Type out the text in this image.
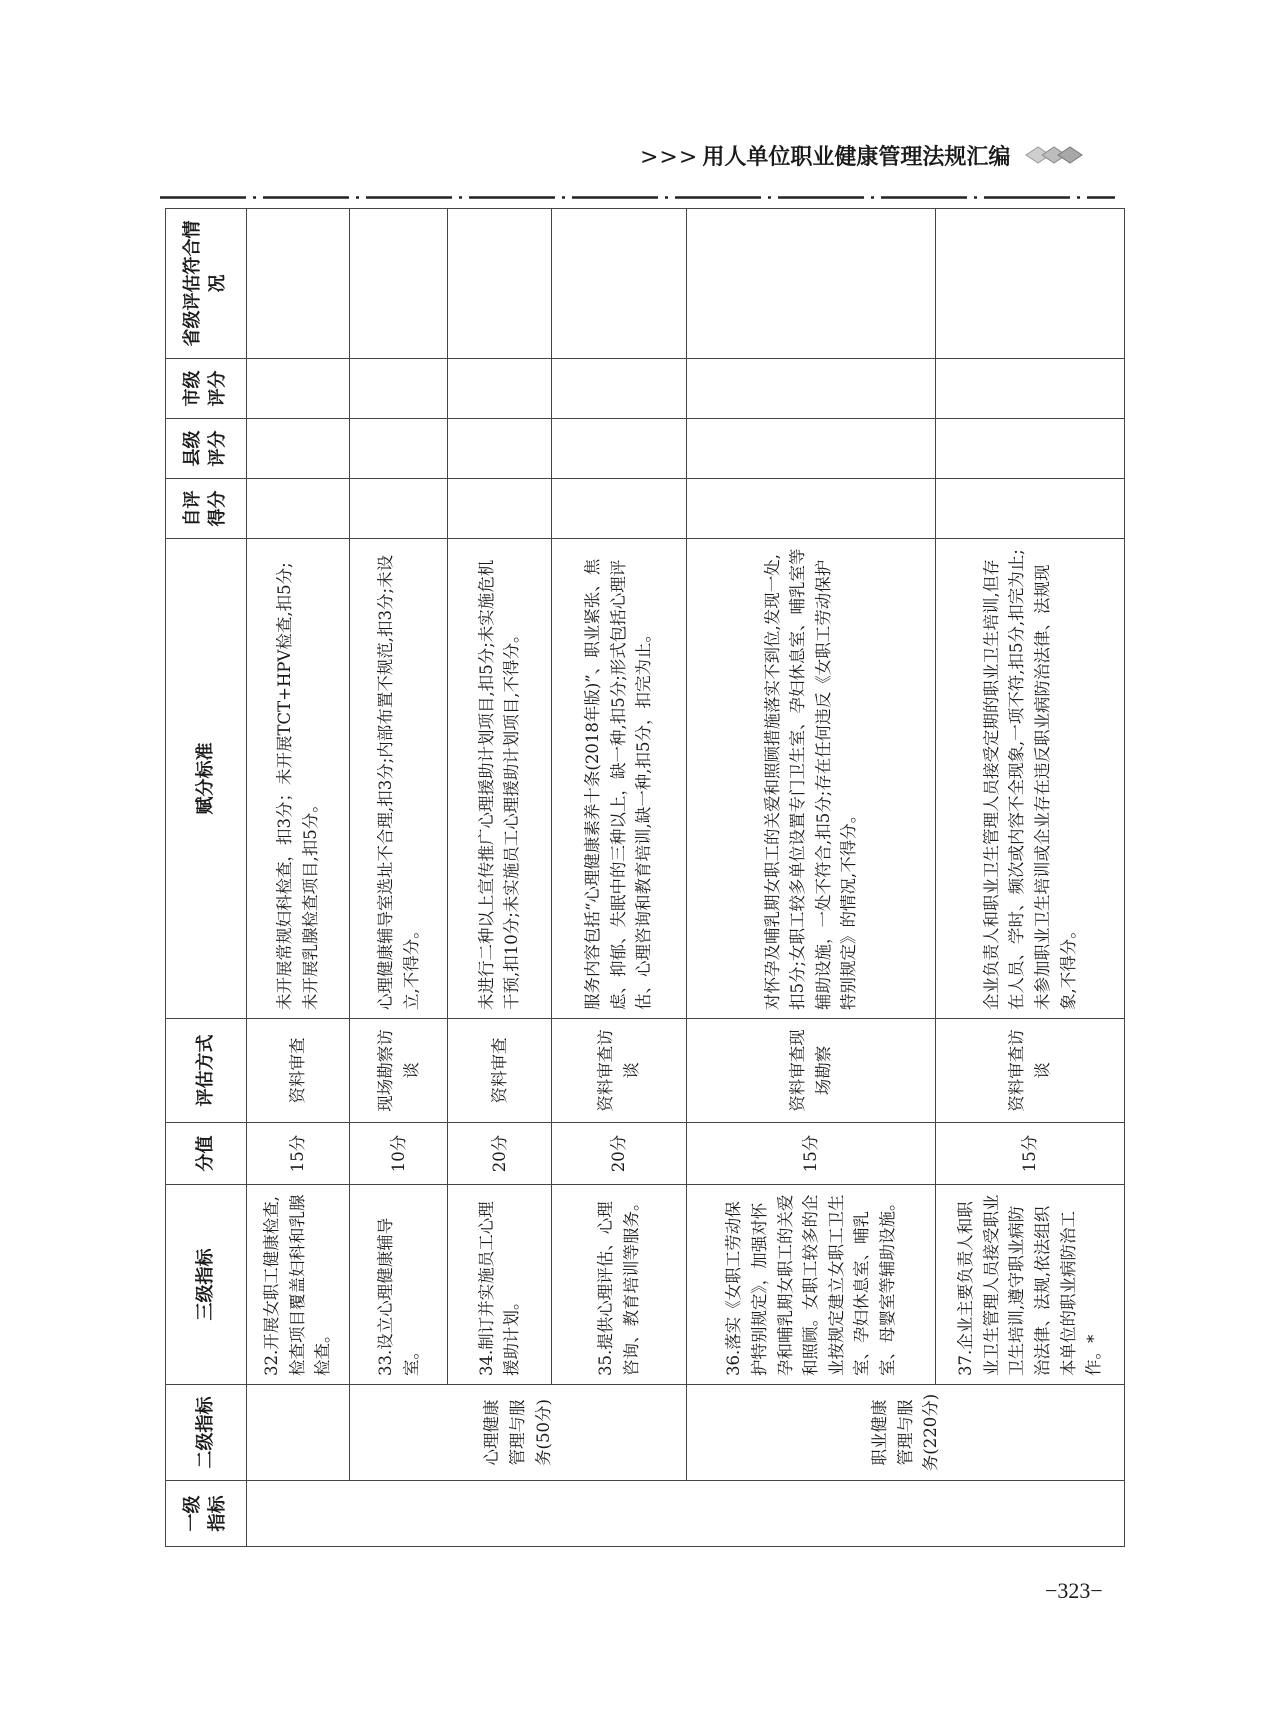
>>> 用人单位职业健康管理法规汇编
一级指标	二级指标	三级指标	分值	评估方式	赋分标准	自评得分	县级评分	市级评分	省级评估符合情况
		32.开展女职工健康检查,检查项目覆盖妇科和乳腺检查。	15分	资料审查	未开展常规妇科检查，扣3分；未开展TCT+HPV检查,扣5分;未开展乳腺检查项目,扣5分。				
	心理健康管理与服务(50分)	33.设立心理健康辅导室。	10分	现场勘察访谈	心理健康辅导室选址不合理,扣3分;内部布置不规范,扣3分;未设立,不得分。				
		34.制订并实施员工心理援助计划。	20分	资料审查	未进行二种以上宣传推广心理援助计划项目,扣5分;未实施危机干预,扣10分;未实施员工心理援助计划项目,不得分。				
		35.提供心理评估、心理咨询、教育培训等服务。	20分	资料审查访谈	服务内容包括“心理健康素养十条(2018年版)”、职业紧张、焦虑、抑郁、失眠中的三种以上，缺一种,扣5分;形式包括心理评估、心理咨询和教育培训,缺一种,扣5分，扣完为止。				
	职业健康管理与服务(220分)	36.落实《女职工劳动保护特别规定》，加强对怀孕和哺乳期女职工的关爱和照顾。女职工较多的企业按规定建立女职工卫生室、孕妇休息室、哺乳室、母婴室等辅助设施。	15分	资料审查现场勘察	对怀孕及哺乳期女职工的关爱和照顾措施落实不到位,发现一处,扣5分;女职工较多单位设置专门卫生室、孕妇休息室、哺乳室等辅助设施，一处不符合,扣5分;存在任何违反《女职工劳动保护特别规定》的情况,不得分。				
		37.企业主要负责人和职业卫生管理人员接受职业卫生培训,遵守职业病防治法律、法规,依法组织本单位的职业病防治工作。*	15分	资料审查访谈	企业负责人和职业卫生管理人员接受定期的职业卫生培训,但存在人员、学时、频次或内容不全现象,一项不符,扣5分,扣完为止;未参加职业卫生培训或企业存在违反职业病防治法律、法规现象,不得分。				
−323−
